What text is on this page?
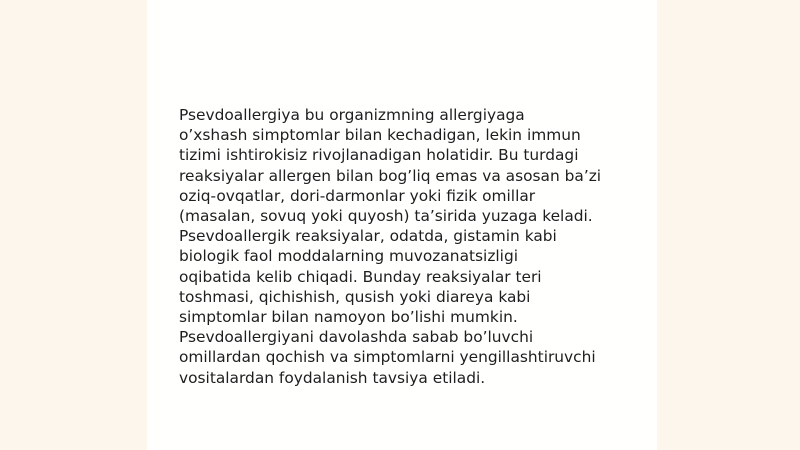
Psevdoallergiya bu organizmning allergiyaga
o’xshash simptomlar bilan kechadigan, lekin immun
tizimi ishtirokisiz rivojlanadigan holatidir. Bu turdagi
reaksiyalar allergen bilan bog’liq emas va asosan ba’zi
oziq-ovqatlar, dori-darmonlar yoki fizik omillar
(masalan, sovuq yoki quyosh) ta’sirida yuzaga keladi.
Psevdoallergik reaksiyalar, odatda, gistamin kabi
biologik faol moddalarning muvozanatsizligi
oqibatida kelib chiqadi. Bunday reaksiyalar teri
toshmasi, qichishish, qusish yoki diareya kabi
simptomlar bilan namoyon bo’lishi mumkin.
Psevdoallergiyani davolashda sabab bo’luvchi
omillardan qochish va simptomlarni yengillashtiruvchi
vositalardan foydalanish tavsiya etiladi.
